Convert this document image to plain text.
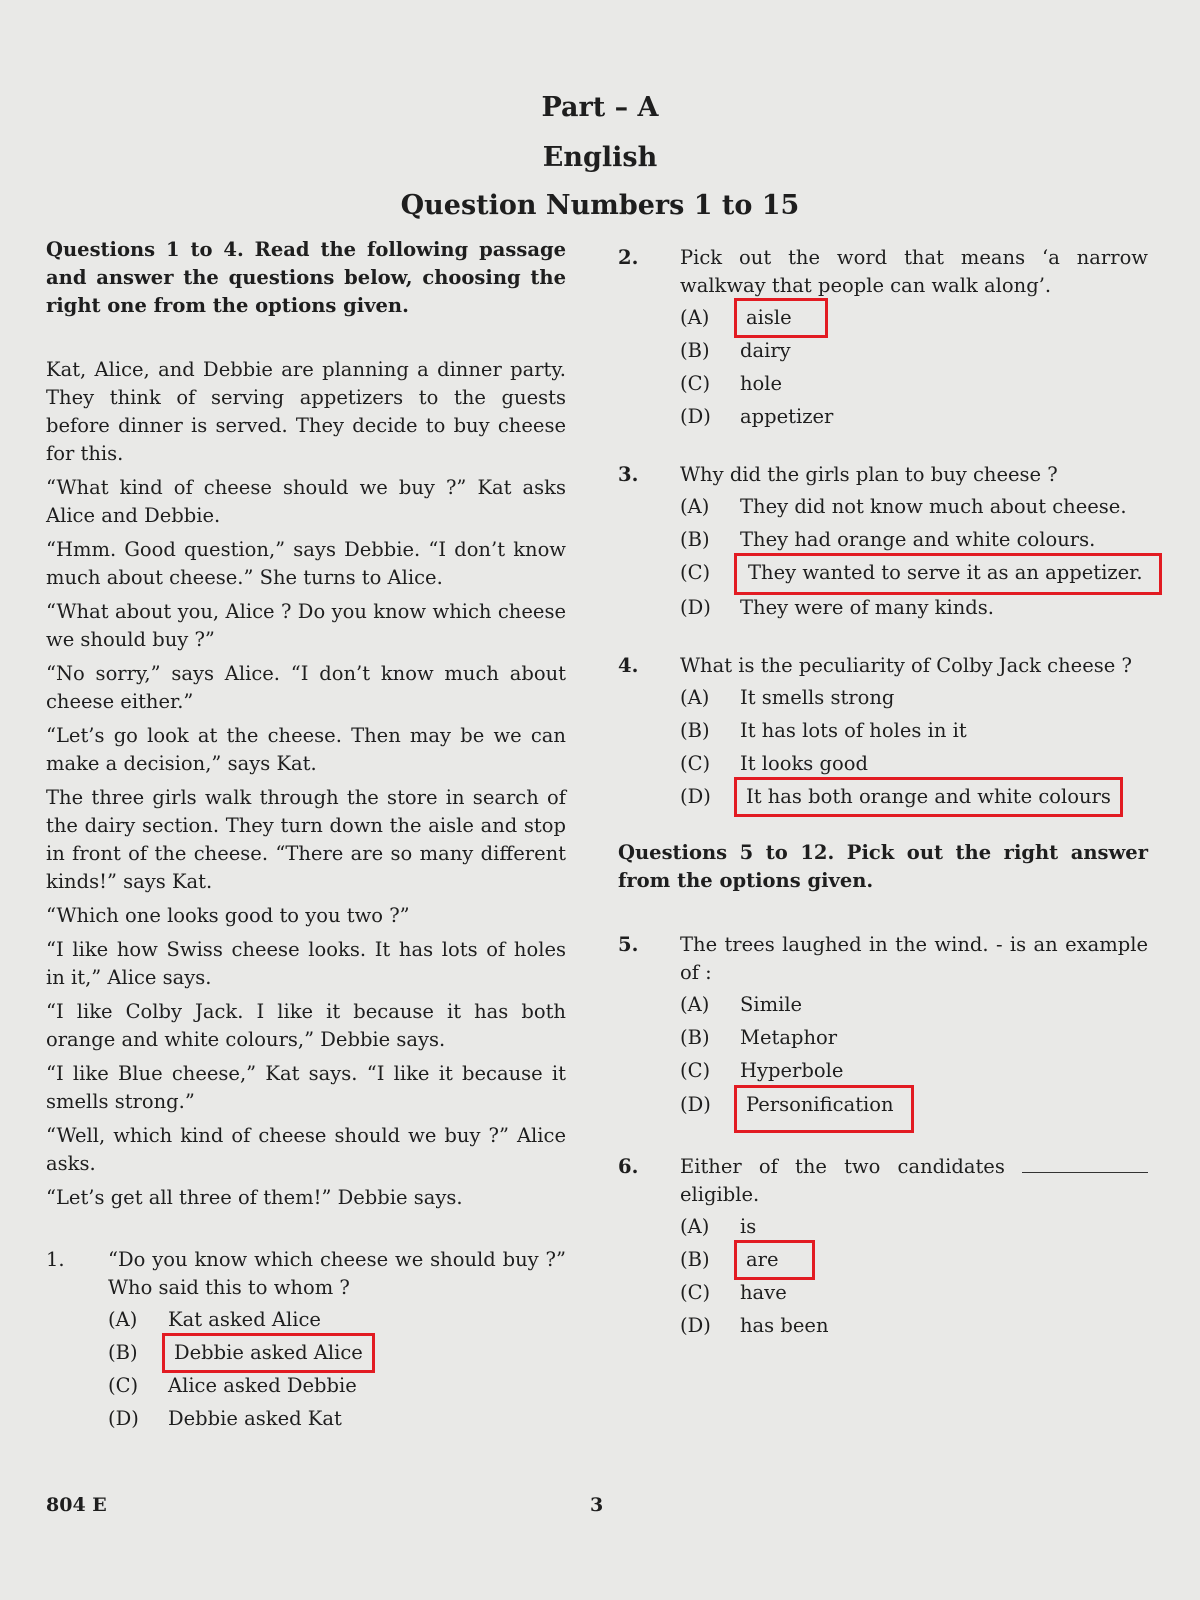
Part – A
English
Question Numbers 1 to 15

Questions 1 to 4. Read the following passage and answer the questions below, choosing the right one from the options given.

Kat, Alice, and Debbie are planning a dinner party. They think of serving appetizers to the guests before dinner is served. They decide to buy cheese for this.

“What kind of cheese should we buy ?” Kat asks Alice and Debbie.

“Hmm. Good question,” says Debbie. “I don’t know much about cheese.” She turns to Alice.

“What about you, Alice ? Do you know which cheese we should buy ?”

“No sorry,” says Alice. “I don’t know much about cheese either.”

“Let’s go look at the cheese. Then may be we can make a decision,” says Kat.

The three girls walk through the store in search of the dairy section. They turn down the aisle and stop in front of the cheese. “There are so many different kinds!” says Kat.

“Which one looks good to you two ?”

“I like how Swiss cheese looks. It has lots of holes in it,” Alice says.

“I like Colby Jack. I like it because it has both orange and white colours,” Debbie says.

“I like Blue cheese,” Kat says. “I like it because it smells strong.”

“Well, which kind of cheese should we buy ?” Alice asks.

“Let’s get all three of them!” Debbie says.

1. “Do you know which cheese we should buy ?” Who said this to whom ?
(A) Kat asked Alice
(B) Debbie asked Alice
(C) Alice asked Debbie
(D) Debbie asked Kat
2. Pick out the word that means ‘a narrow walkway that people can walk along’.
(A) aisle
(B) dairy
(C) hole
(D) appetizer
3. Why did the girls plan to buy cheese ?
(A) They did not know much about cheese.
(B) They had orange and white colours.
(C)	They wanted to serve it as an appetizer.
(D) They were of many kinds.
4. What is the peculiarity of Colby Jack cheese ?
(A) It smells strong
(B) It has lots of holes in it
(C) It looks good
(D) It has both orange and white colours
Questions 5 to 12. Pick out the right answer from the options given.
5. The trees laughed in the wind. - is an example of :
(A) Simile
(B) Metaphor
(C) Hyperbole
(D) Personification
6. Either of the two candidates  eligible.
(A) is
(B) are
(C) have
(D) has been
804 E	3
